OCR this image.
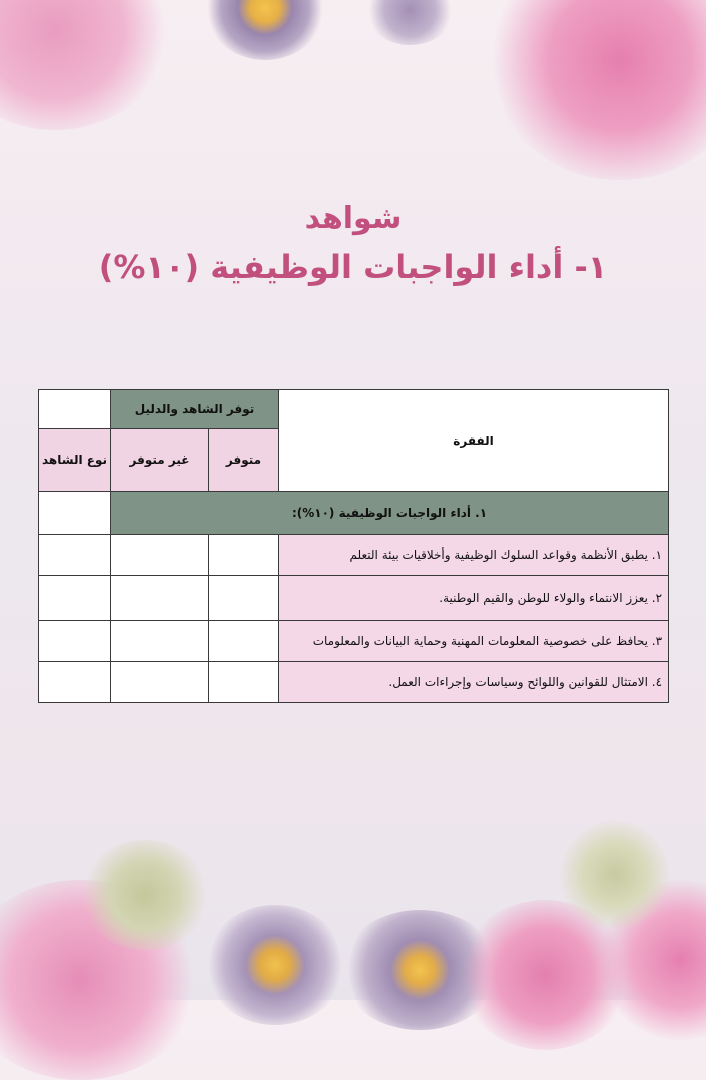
شواهد
١- أداء الواجبات الوظيفية (١٠%)
الفقرة	توفر الشاهد والدليل		
	متوفر	غير متوفر	نوع الشاهد
١. أداء الواجبات الوظيفية (١٠%):			
١. يطبق الأنظمة وقواعد السلوك الوظيفية وأخلاقيات بيئة التعلم			
٢. يعزز الانتماء والولاء للوطن والقيم الوطنية.			
٣. يحافظ على خصوصية المعلومات المهنية وحماية البيانات والمعلومات			
٤. الامتثال للقوانين واللوائح وسياسات وإجراءات العمل.			
